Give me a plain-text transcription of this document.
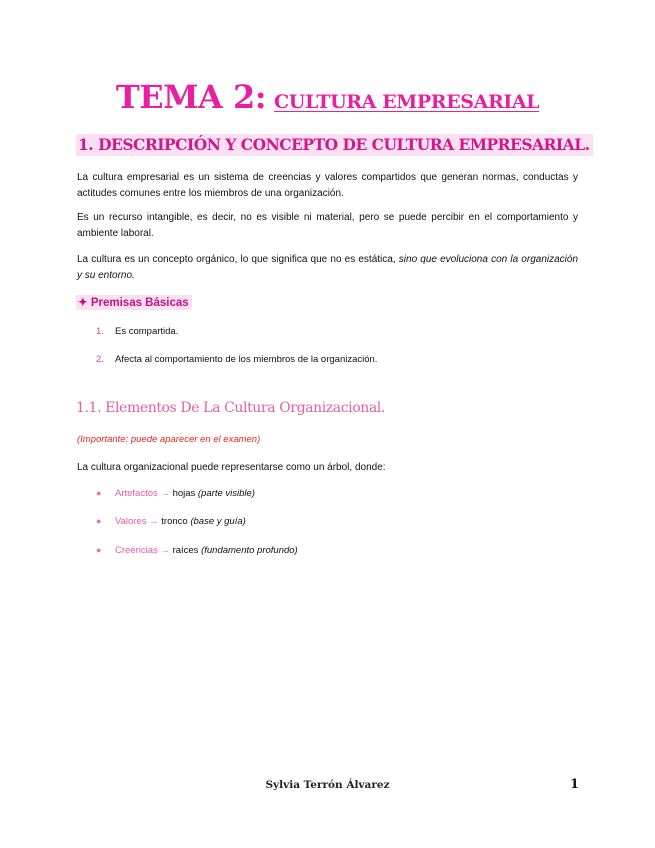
TEMA 2: CULTURA EMPRESARIAL
1. DESCRIPCIÓN Y CONCEPTO DE CULTURA EMPRESARIAL.
La cultura empresarial es un sistema de creencias y valores compartidos que generan normas, conductas y actitudes comunes entre los miembros de una organización.
Es un recurso intangible, es decir, no es visible ni material, pero se puede percibir en el comportamiento y ambiente laboral.
La cultura es un concepto orgánico, lo que significa que no es estática, sino que evoluciona con la organización y su entorno.
✦ Premisas Básicas
1. Es compartida.
2. Afecta al comportamiento de los miembros de la organización.
1.1. Elementos De La Cultura Organizacional.
(Importante: puede aparecer en el examen)
La cultura organizacional puede representarse como un árbol, donde:
● Artefactos → hojas (parte visible)
● Valores → tronco (base y guía)
● Creencias → raíces (fundamento profundo)
Sylvia Terrón Álvarez	1
